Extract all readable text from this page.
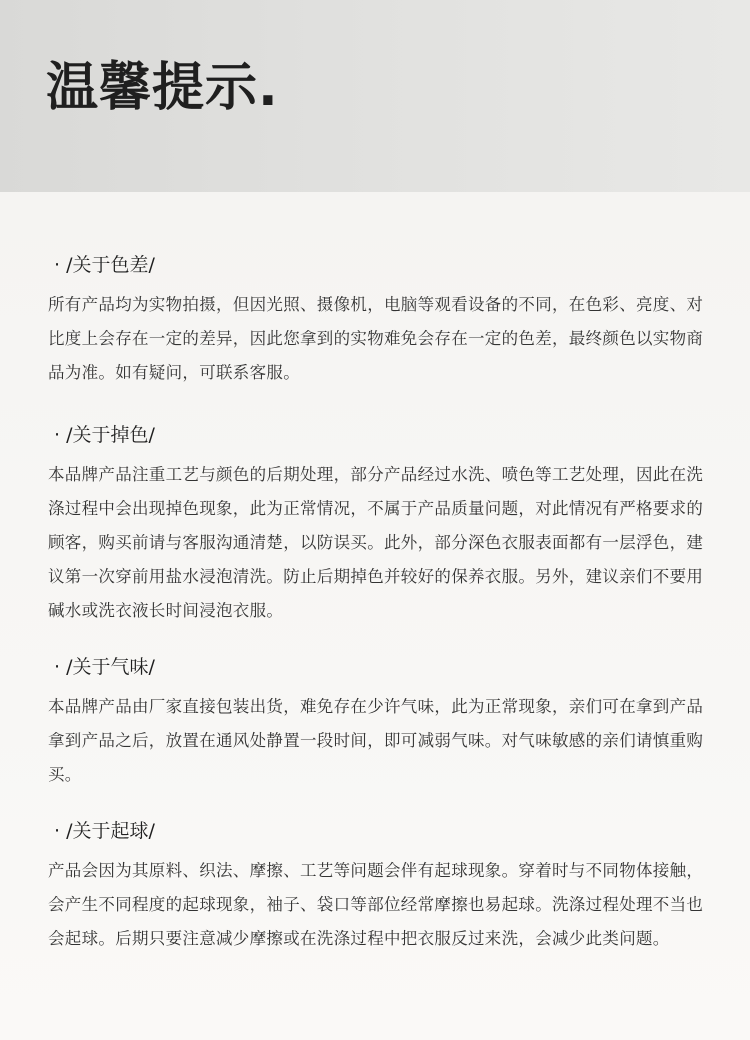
温馨提示.
· /关于色差/

所有产品均为实物拍摄，但因光照、摄像机，电脑等观看设备的不同，在色彩、亮度、对比度上会存在一定的差异，因此您拿到的实物难免会存在一定的色差，最终颜色以实物商品为准。如有疑问，可联系客服。

· /关于掉色/

本品牌产品注重工艺与颜色的后期处理，部分产品经过水洗、喷色等工艺处理，因此在洗涤过程中会出现掉色现象，此为正常情况，不属于产品质量问题，对此情况有严格要求的顾客，购买前请与客服沟通清楚，以防误买。此外，部分深色衣服表面都有一层浮色，建议第一次穿前用盐水浸泡清洗。防止后期掉色并较好的保养衣服。另外，建议亲们不要用碱水或洗衣液长时间浸泡衣服。

· /关于气味/

本品牌产品由厂家直接包装出货，难免存在少许气味，此为正常现象，亲们可在拿到产品拿到产品之后，放置在通风处静置一段时间，即可减弱气味。对气味敏感的亲们请慎重购买。

· /关于起球/

产品会因为其原料、织法、摩擦、工艺等问题会伴有起球现象。穿着时与不同物体接触，会产生不同程度的起球现象，袖子、袋口等部位经常摩擦也易起球。洗涤过程处理不当也会起球。后期只要注意减少摩擦或在洗涤过程中把衣服反过来洗，会减少此类问题。
